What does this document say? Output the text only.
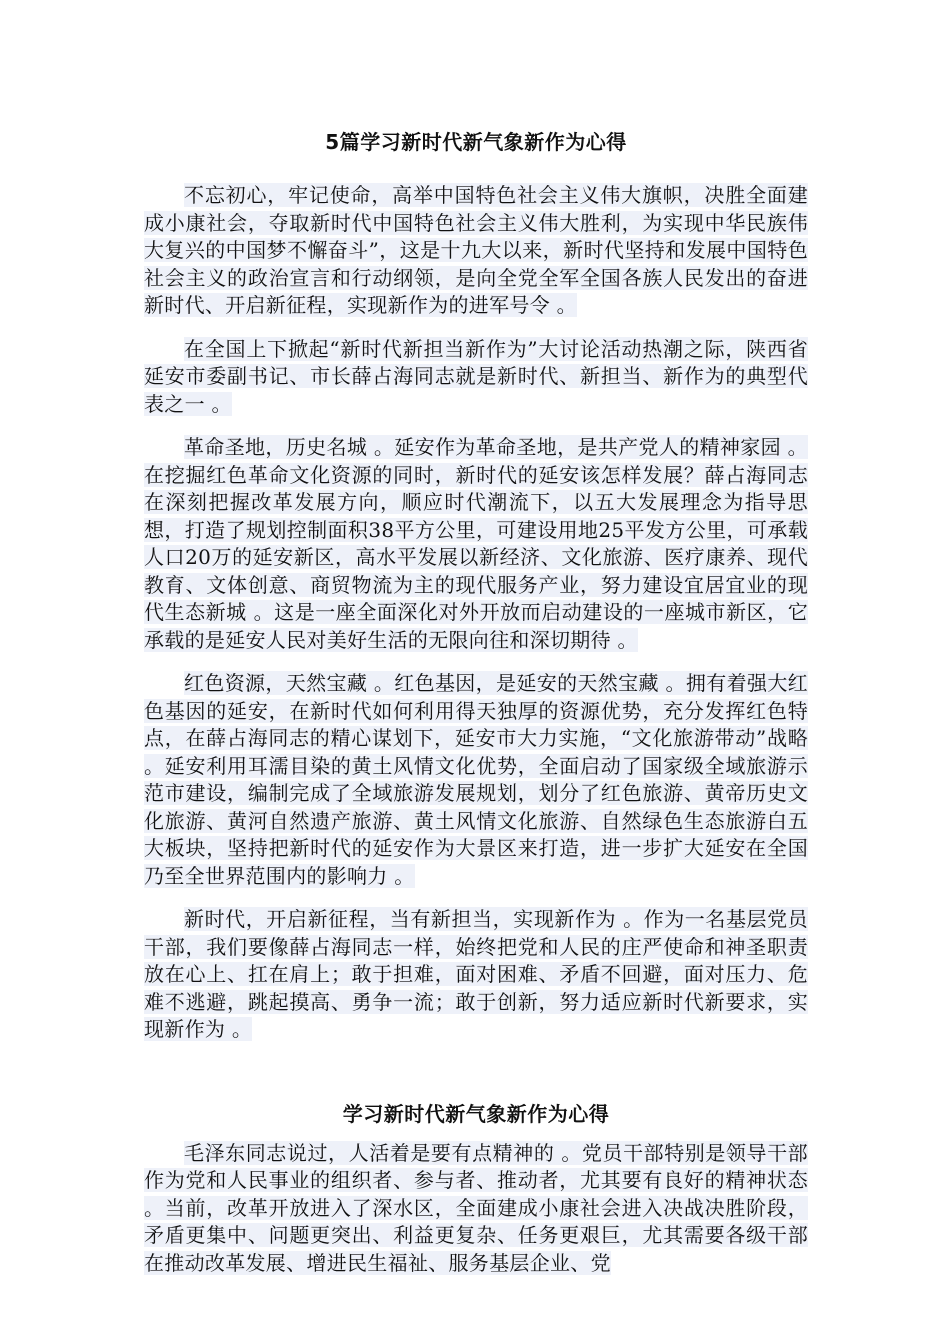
5篇学习新时代新气象新作为心得

不忘初心，牢记使命，高举中国特色社会主义伟大旗帜，决胜全面建成小康社会，夺取新时代中国特色社会主义伟大胜利，为实现中华民族伟大复兴的中国梦不懈奋斗”，这是十九大以来，新时代坚持和发展中国特色社会主义的政治宣言和行动纲领，是向全党全军全国各族人民发出的奋进新时代、开启新征程，实现新作为的进军号令 。

在全国上下掀起“新时代新担当新作为”大讨论活动热潮之际，陕西省延安市委副书记、市长薛占海同志就是新时代、新担当、新作为的典型代表之一 。

革命圣地，历史名城 。延安作为革命圣地，是共产党人的精神家园 。在挖掘红色革命文化资源的同时，新时代的延安该怎样发展？薛占海同志在深刻把握改革发展方向，顺应时代潮流下，以五大发展理念为指导思想，打造了规划控制面积38平方公里，可建设用地25平发方公里，可承载人口20万的延安新区，高水平发展以新经济、文化旅游、医疗康养、现代教育、文体创意、商贸物流为主的现代服务产业，努力建设宜居宜业的现代生态新城 。这是一座全面深化对外开放而启动建设的一座城市新区，它承载的是延安人民对美好生活的无限向往和深切期待 。

红色资源，天然宝藏 。红色基因，是延安的天然宝藏 。拥有着强大红色基因的延安，在新时代如何利用得天独厚的资源优势，充分发挥红色特点，在薛占海同志的精心谋划下，延安市大力实施，“文化旅游带动”战略 。延安利用耳濡目染的黄土风情文化优势，全面启动了国家级全域旅游示范市建设，编制完成了全域旅游发展规划，划分了红色旅游、黄帝历史文化旅游、黄河自然遗产旅游、黄土风情文化旅游、自然绿色生态旅游白五大板块，坚持把新时代的延安作为大景区来打造，进一步扩大延安在全国乃至全世界范围内的影响力 。

新时代，开启新征程，当有新担当，实现新作为 。作为一名基层党员干部，我们要像薛占海同志一样，始终把党和人民的庄严使命和神圣职责放在心上、扛在肩上；敢于担难，面对困难、矛盾不回避，面对压力、危难不逃避，跳起摸高、勇争一流；敢于创新，努力适应新时代新要求，实现新作为 。

学习新时代新气象新作为心得

毛泽东同志说过，人活着是要有点精神的 。党员干部特别是领导干部作为党和人民事业的组织者、参与者、推动者，尤其要有良好的精神状态 。当前，改革开放进入了深水区，全面建成小康社会进入决战决胜阶段，矛盾更集中、问题更突出、利益更复杂、任务更艰巨，尤其需要各级干部在推动改革发展、增进民生福祉、服务基层企业、党
